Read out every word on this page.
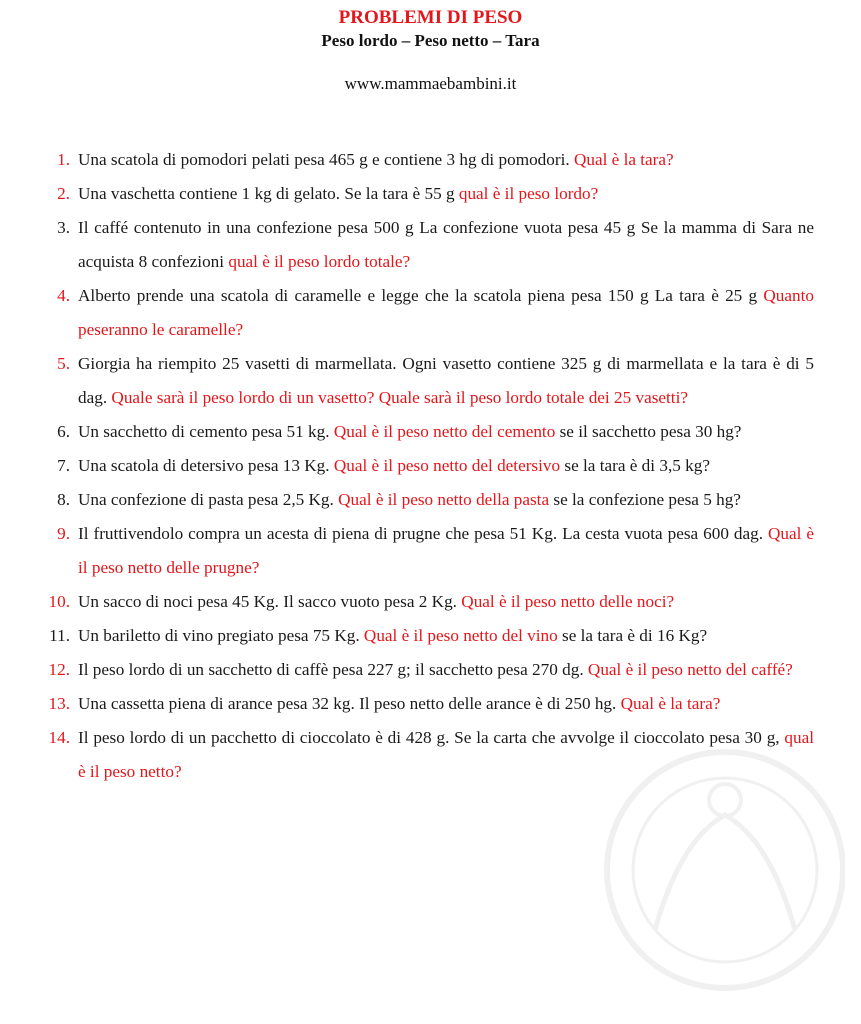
PROBLEMI DI PESO
Peso lordo – Peso netto – Tara
www.mammaebambini.it
1. Una scatola di pomodori pelati pesa 465 g e contiene 3 hg di pomodori. Qual è la tara?
2. Una vaschetta contiene 1 kg di gelato. Se la tara è 55 g qual è il peso lordo?
3. Il caffé contenuto in una confezione pesa 500 g La confezione vuota pesa 45 g Se la mamma di Sara ne acquista 8 confezioni qual è il peso lordo totale?
4. Alberto prende una scatola di caramelle e legge che la scatola piena pesa 150 g La tara è 25 g Quanto peseranno le caramelle?
5. Giorgia ha riempito 25 vasetti di marmellata. Ogni vasetto contiene 325 g di marmellata e la tara è di 5 dag. Quale sarà il peso lordo di un vasetto? Quale sarà il peso lordo totale dei 25 vasetti?
6. Un sacchetto di cemento pesa 51 kg. Qual è il peso netto del cemento se il sacchetto pesa 30 hg?
7. Una scatola di detersivo pesa 13 Kg. Qual è il peso netto del detersivo se la tara è di 3,5 kg?
8. Una confezione di pasta pesa 2,5 Kg. Qual è il peso netto della pasta se la confezione pesa 5 hg?
9. Il fruttivendolo compra un acesta di piena di prugne che pesa 51 Kg. La cesta vuota pesa 600 dag. Qual è il peso netto delle prugne?
10. Un sacco di noci pesa 45 Kg. Il sacco vuoto pesa 2 Kg. Qual è il peso netto delle noci?
11. Un bariletto di vino pregiato pesa 75 Kg. Qual è il peso netto del vino se la tara è di 16 Kg?
12. Il peso lordo di un sacchetto di caffè pesa 227 g; il sacchetto pesa 270 dg. Qual è il peso netto del caffé?
13. Una cassetta piena di arance pesa 32 kg. Il peso netto delle arance è di 250 hg. Qual è la tara?
14. Il peso lordo di un pacchetto di cioccolato è di 428 g. Se la carta che avvolge il cioccolato pesa 30 g, qual è il peso netto?
